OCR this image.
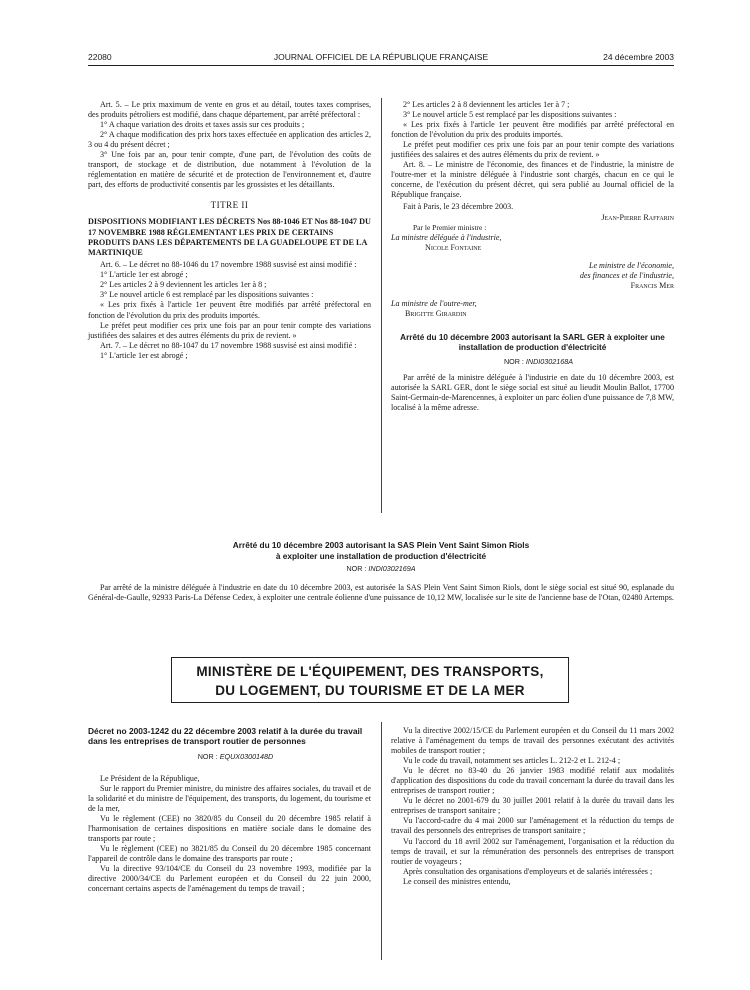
22080	JOURNAL OFFICIEL DE LA RÉPUBLIQUE FRANÇAISE	24 décembre 2003

Art. 5. – Le prix maximum de vente en gros et au détail, toutes taxes comprises, des produits pétroliers est modifié, dans chaque département, par arrêté préfectoral :

1° A chaque variation des droits et taxes assis sur ces produits ;

2° A chaque modification des prix hors taxes effectuée en application des articles 2, 3 ou 4 du présent décret ;

3° Une fois par an, pour tenir compte, d'une part, de l'évolution des coûts de transport, de stockage et de distribution, due notamment à l'évolution de la réglementation en matière de sécurité et de protection de l'environnement et, d'autre part, des efforts de productivité consentis par les grossistes et les détaillants.

TITRE II

DISPOSITIONS MODIFIANT LES DÉCRETS Nos 88-1046 ET Nos 88-1047 DU 17 NOVEMBRE 1988 RÉGLEMENTANT LES PRIX DE CERTAINS PRODUITS DANS LES DÉPARTEMENTS DE LA GUADELOUPE ET DE LA MARTINIQUE

Art. 6. – Le décret no 88-1046 du 17 novembre 1988 susvisé est ainsi modifié :

1° L'article 1er est abrogé ;

2° Les articles 2 à 9 deviennent les articles 1er à 8 ;

3° Le nouvel article 6 est remplacé par les dispositions suivantes :

« Les prix fixés à l'article 1er peuvent être modifiés par arrêté préfectoral en fonction de l'évolution du prix des produits importés.

Le préfet peut modifier ces prix une fois par an pour tenir compte des variations justifiées des salaires et des autres éléments du prix de revient. »

Art. 7. – Le décret no 88-1047 du 17 novembre 1988 susvisé est ainsi modifié :

1° L'article 1er est abrogé ;

2° Les articles 2 à 8 deviennent les articles 1er à 7 ;

3° Le nouvel article 5 est remplacé par les dispositions suivantes :

« Les prix fixés à l'article 1er peuvent être modifiés par arrêté préfectoral en fonction de l'évolution du prix des produits importés.

Le préfet peut modifier ces prix une fois par an pour tenir compte des variations justifiées des salaires et des autres éléments du prix de revient. »

Art. 8. – Le ministre de l'économie, des finances et de l'industrie, la ministre de l'outre-mer et la ministre déléguée à l'industrie sont chargés, chacun en ce qui le concerne, de l'exécution du présent décret, qui sera publié au Journal officiel de la République française.

Fait à Paris, le 23 décembre 2003.

Jean-Pierre Raffarin

Par le Premier ministre :

La ministre déléguée à l'industrie,

Nicole Fontaine

Le ministre de l'économie,

des finances et de l'industrie,

Francis Mer

La ministre de l'outre-mer,

Brigitte Girardin

Arrêté du 10 décembre 2003 autorisant la SARL GER à exploiter une installation de production d'électricité

NOR : INDI0302168A

Par arrêté de la ministre déléguée à l'industrie en date du 10 décembre 2003, est autorisée la SARL GER, dont le siège social est situé au lieudit Moulin Ballot, 17700 Saint-Germain-de-Marencennes, à exploiter un parc éolien d'une puissance de 7,8 MW, localisé à la même adresse.

Arrêté du 10 décembre 2003 autorisant la SAS Plein Vent Saint Simon Riols

à exploiter une installation de production d'électricité

NOR : INDI0302169A

Par arrêté de la ministre déléguée à l'industrie en date du 10 décembre 2003, est autorisée la SAS Plein Vent Saint Simon Riols, dont le siège social est situé 90, esplanade du Général-de-Gaulle, 92933 Paris-La Défense Cedex, à exploiter une centrale éolienne d'une puissance de 10,12 MW, localisée sur le site de l'ancienne base de l'Otan, 02480 Artemps.

MINISTÈRE DE L'ÉQUIPEMENT, DES TRANSPORTS,
DU LOGEMENT, DU TOURISME ET DE LA MER

Décret no 2003-1242 du 22 décembre 2003 relatif à la durée du travail dans les entreprises de transport routier de personnes

NOR : EQUX0300148D

Le Président de la République,

Sur le rapport du Premier ministre, du ministre des affaires sociales, du travail et de la solidarité et du ministre de l'équipement, des transports, du logement, du tourisme et de la mer,

Vu le règlement (CEE) no 3820/85 du Conseil du 20 décembre 1985 relatif à l'harmonisation de certaines dispositions en matière sociale dans le domaine des transports par route ;

Vu le règlement (CEE) no 3821/85 du Conseil du 20 décembre 1985 concernant l'appareil de contrôle dans le domaine des transports par route ;

Vu la directive 93/104/CE du Conseil du 23 novembre 1993, modifiée par la directive 2000/34/CE du Parlement européen et du Conseil du 22 juin 2000, concernant certains aspects de l'aménagement du temps de travail ;

Vu la directive 2002/15/CE du Parlement européen et du Conseil du 11 mars 2002 relative à l'aménagement du temps de travail des personnes exécutant des activités mobiles de transport routier ;

Vu le code du travail, notamment ses articles L. 212-2 et L. 212-4 ;

Vu le décret no 83-40 du 26 janvier 1983 modifié relatif aux modalités d'application des dispositions du code du travail concernant la durée du travail dans les entreprises de transport routier ;

Vu le décret no 2001-679 du 30 juillet 2001 relatif à la durée du travail dans les entreprises de transport sanitaire ;

Vu l'accord-cadre du 4 mai 2000 sur l'aménagement et la réduction du temps de travail des personnels des entreprises de transport sanitaire ;

Vu l'accord du 18 avril 2002 sur l'aménagement, l'organisation et la réduction du temps de travail, et sur la rémunération des personnels des entreprises de transport routier de voyageurs ;

Après consultation des organisations d'employeurs et de salariés intéressées ;

Le conseil des ministres entendu,
